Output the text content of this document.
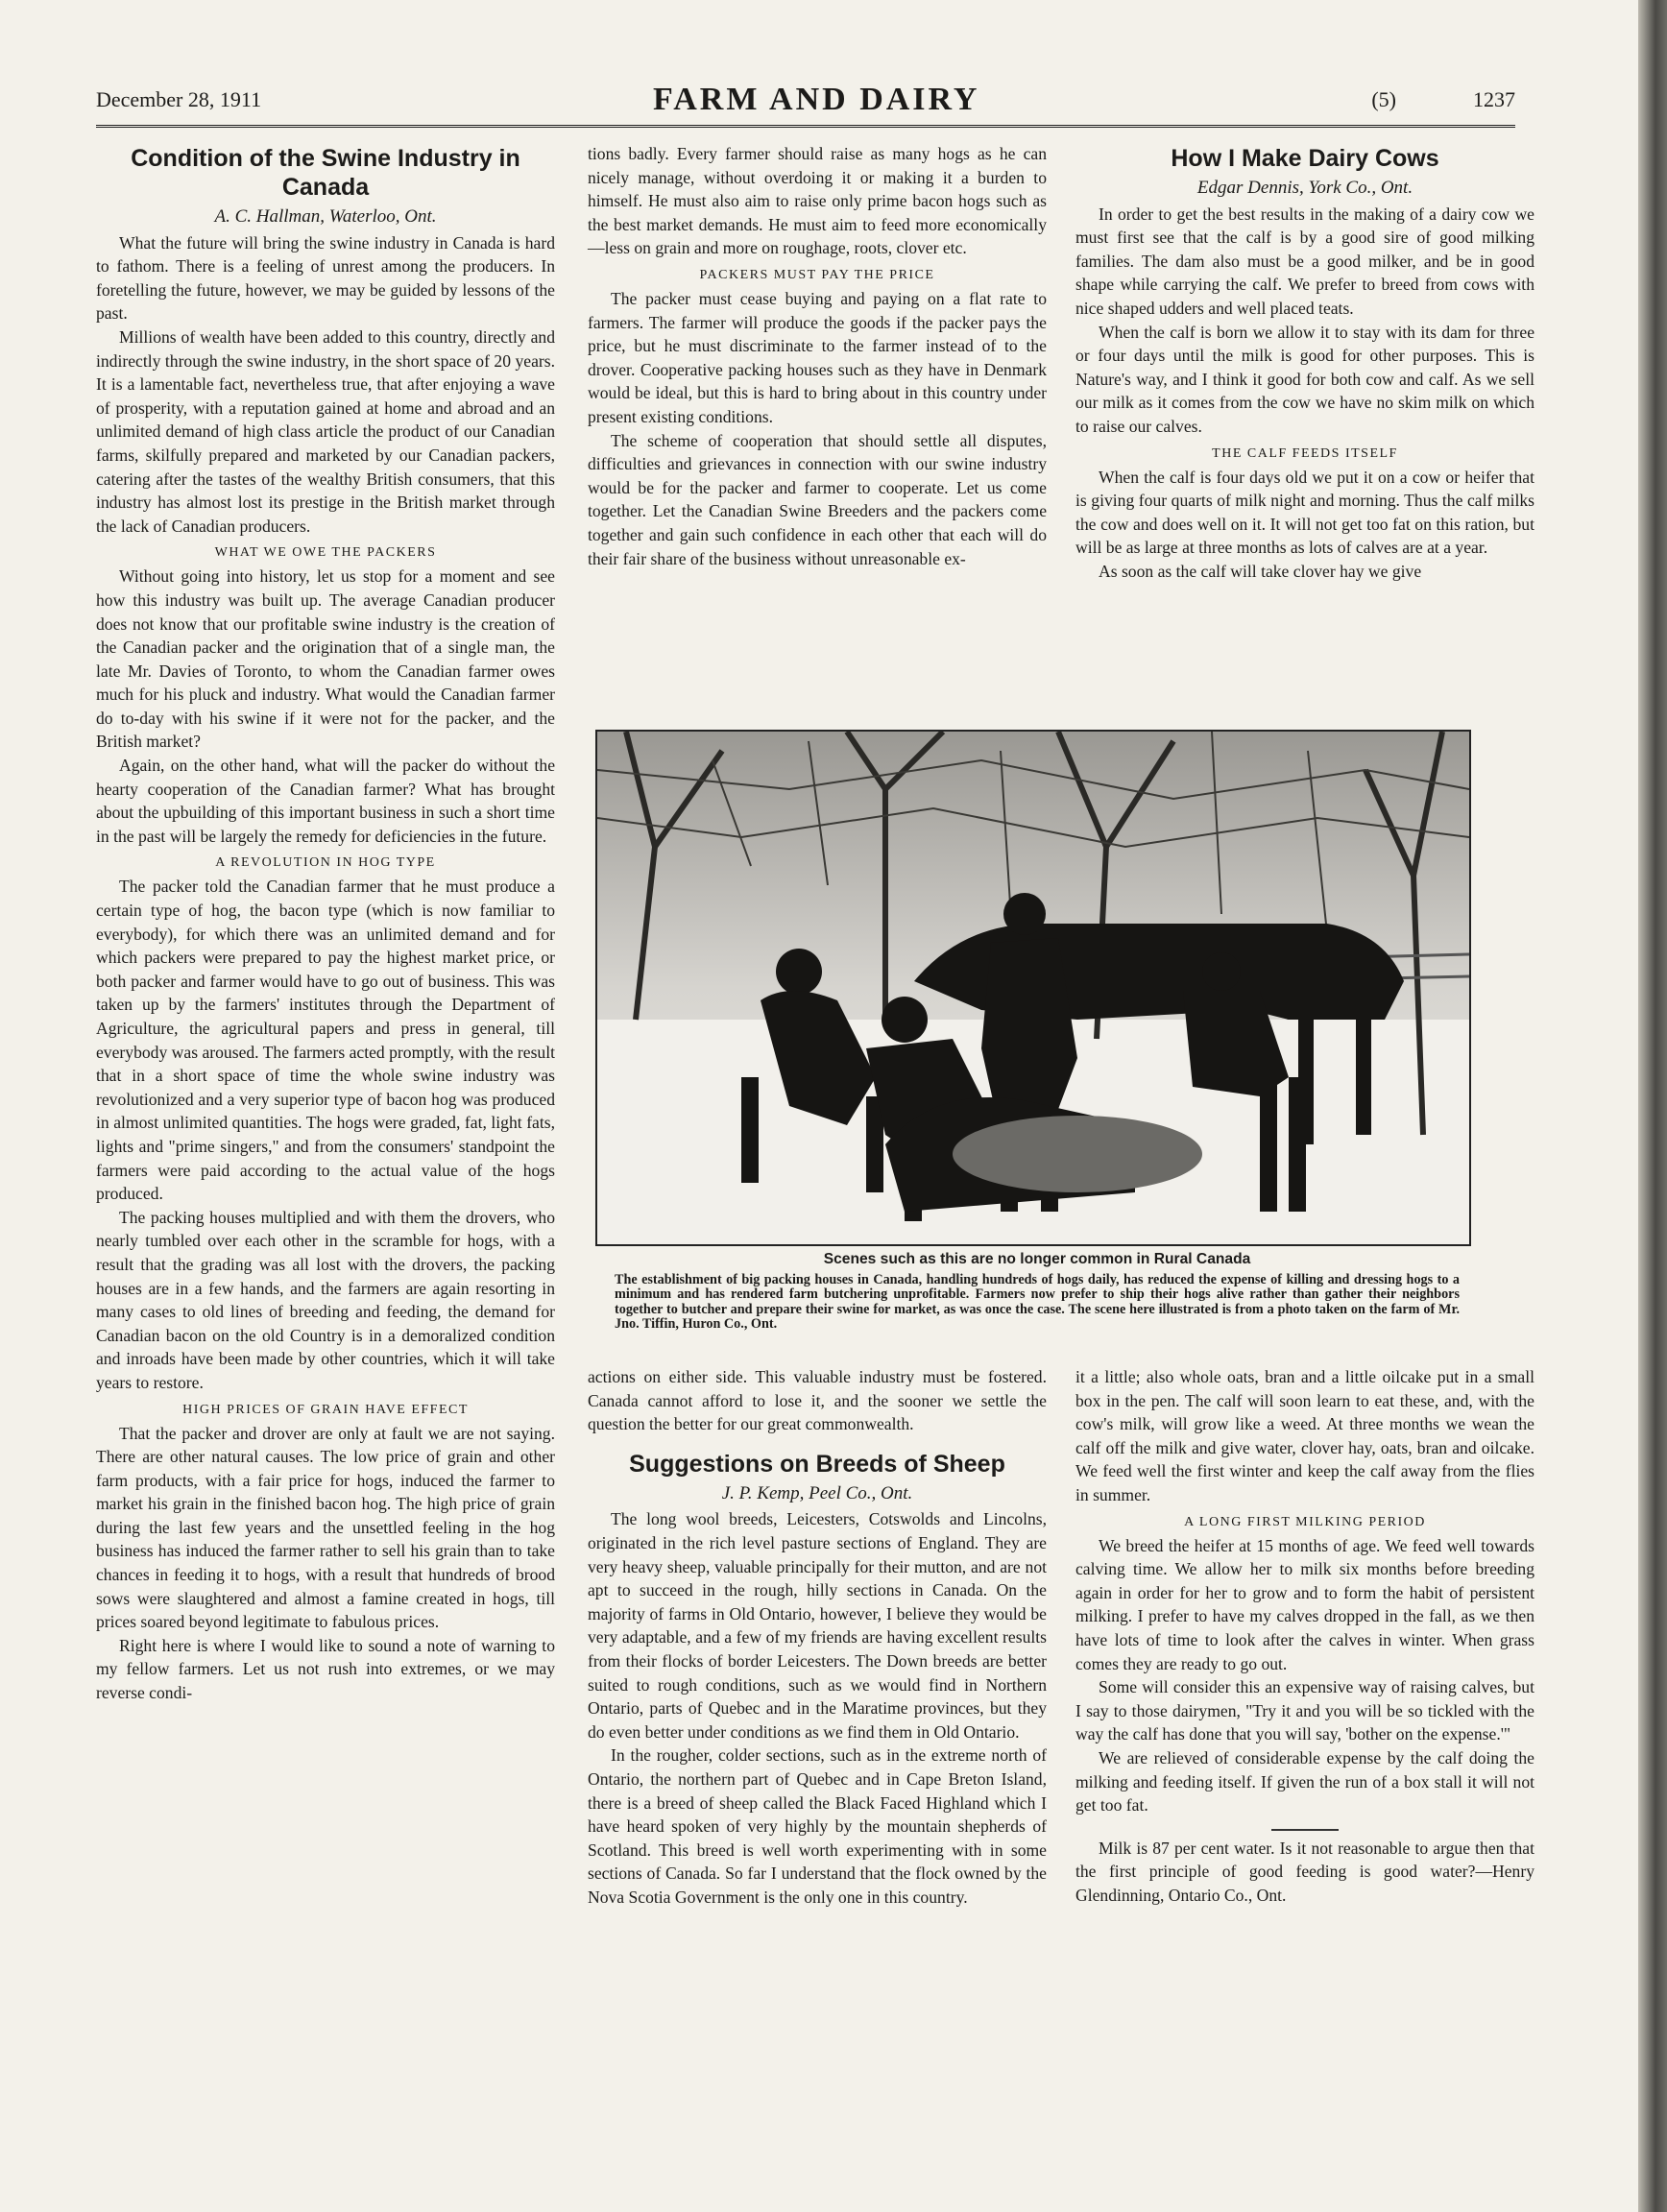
December 28, 1911	FARM AND DAIRY	(5)	1237
Condition of the Swine Industry in Canada
A. C. Hallman, Waterloo, Ont.

What the future will bring the swine industry in Canada is hard to fathom. There is a feeling of unrest among the producers. In foretelling the future, however, we may be guided by lessons of the past.

Millions of wealth have been added to this country, directly and indirectly through the swine industry, in the short space of 20 years. It is a lamentable fact, nevertheless true, that after enjoying a wave of prosperity, with a reputation gained at home and abroad and an unlimited demand of high class article the product of our Canadian farms, skilfully prepared and marketed by our Canadian packers, catering after the tastes of the wealthy British consumers, that this industry has almost lost its prestige in the British market through the lack of Canadian producers.

WHAT WE OWE THE PACKERS

Without going into history, let us stop for a moment and see how this industry was built up. The average Canadian producer does not know that our profitable swine industry is the creation of the Canadian packer and the origination that of a single man, the late Mr. Davies of Toronto, to whom the Canadian farmer owes much for his pluck and industry. What would the Canadian farmer do to-day with his swine if it were not for the packer, and the British market?

Again, on the other hand, what will the packer do without the hearty cooperation of the Canadian farmer? What has brought about the upbuilding of this important business in such a short time in the past will be largely the remedy for deficiencies in the future.

A REVOLUTION IN HOG TYPE

The packer told the Canadian farmer that he must produce a certain type of hog, the bacon type (which is now familiar to everybody), for which there was an unlimited demand and for which packers were prepared to pay the highest market price, or both packer and farmer would have to go out of business. This was taken up by the farmers' institutes through the Department of Agriculture, the agricultural papers and press in general, till everybody was aroused. The farmers acted promptly, with the result that in a short space of time the whole swine industry was revolutionized and a very superior type of bacon hog was produced in almost unlimited quantities. The hogs were graded, fat, light fats, lights and "prime singers," and from the consumers' standpoint the farmers were paid according to the actual value of the hogs produced.

The packing houses multiplied and with them the drovers, who nearly tumbled over each other in the scramble for hogs, with a result that the grading was all lost with the drovers, the packing houses are in a few hands, and the farmers are again resorting in many cases to old lines of breeding and feeding, the demand for Canadian bacon on the old Country is in a demoralized condition and inroads have been made by other countries, which it will take years to restore.

HIGH PRICES OF GRAIN HAVE EFFECT

That the packer and drover are only at fault we are not saying. There are other natural causes. The low price of grain and other farm products, with a fair price for hogs, induced the farmer to market his grain in the finished bacon hog. The high price of grain during the last few years and the unsettled feeling in the hog business has induced the farmer rather to sell his grain than to take chances in feeding it to hogs, with a result that hundreds of brood sows were slaughtered and almost a famine created in hogs, till prices soared beyond legitimate to fabulous prices.

Right here is where I would like to sound a note of warning to my fellow farmers. Let us not rush into extremes, or we may reverse condi-

tions badly. Every farmer should raise as many hogs as he can nicely manage, without overdoing it or making it a burden to himself. He must also aim to raise only prime bacon hogs such as the best market demands. He must aim to feed more economically—less on grain and more on roughage, roots, clover etc.

PACKERS MUST PAY THE PRICE

The packer must cease buying and paying on a flat rate to farmers. The farmer will produce the goods if the packer pays the price, but he must discriminate to the farmer instead of to the drover. Cooperative packing houses such as they have in Denmark would be ideal, but this is hard to bring about in this country under present existing conditions.

The scheme of cooperation that should settle all disputes, difficulties and grievances in connection with our swine industry would be for the packer and farmer to cooperate. Let us come together. Let the Canadian Swine Breeders and the packers come together and gain such confidence in each other that each will do their fair share of the business without unreasonable ex-

How I Make Dairy Cows
Edgar Dennis, York Co., Ont.

In order to get the best results in the making of a dairy cow we must first see that the calf is by a good sire of good milking families. The dam also must be a good milker, and be in good shape while carrying the calf. We prefer to breed from cows with nice shaped udders and well placed teats.

When the calf is born we allow it to stay with its dam for three or four days until the milk is good for other purposes. This is Nature's way, and I think it good for both cow and calf. As we sell our milk as it comes from the cow we have no skim milk on which to raise our calves.

THE CALF FEEDS ITSELF

When the calf is four days old we put it on a cow or heifer that is giving four quarts of milk night and morning. Thus the calf milks the cow and does well on it. It will not get too fat on this ration, but will be as large at three months as lots of calves are at a year.

As soon as the calf will take clover hay we give

Scenes such as this are no longer common in Rural Canada
The establishment of big packing houses in Canada, handling hundreds of hogs daily, has reduced the expense of killing and dressing hogs to a minimum and has rendered farm butchering unprofitable. Farmers now prefer to ship their hogs alive rather than gather their neighbors together to butcher and prepare their swine for market, as was once the case. The scene here illustrated is from a photo taken on the farm of Mr. Jno. Tiffin, Huron Co., Ont.

actions on either side. This valuable industry must be fostered. Canada cannot afford to lose it, and the sooner we settle the question the better for our great commonwealth.

Suggestions on Breeds of Sheep
J. P. Kemp, Peel Co., Ont.

The long wool breeds, Leicesters, Cotswolds and Lincolns, originated in the rich level pasture sections of England. They are very heavy sheep, valuable principally for their mutton, and are not apt to succeed in the rough, hilly sections in Canada. On the majority of farms in Old Ontario, however, I believe they would be very adaptable, and a few of my friends are having excellent results from their flocks of border Leicesters. The Down breeds are better suited to rough conditions, such as we would find in Northern Ontario, parts of Quebec and in the Maratime provinces, but they do even better under conditions as we find them in Old Ontario.

In the rougher, colder sections, such as in the extreme north of Ontario, the northern part of Quebec and in Cape Breton Island, there is a breed of sheep called the Black Faced Highland which I have heard spoken of very highly by the mountain shepherds of Scotland. This breed is well worth experimenting with in some sections of Canada. So far I understand that the flock owned by the Nova Scotia Government is the only one in this country.

it a little; also whole oats, bran and a little oilcake put in a small box in the pen. The calf will soon learn to eat these, and, with the cow's milk, will grow like a weed. At three months we wean the calf off the milk and give water, clover hay, oats, bran and oilcake. We feed well the first winter and keep the calf away from the flies in summer.

A LONG FIRST MILKING PERIOD

We breed the heifer at 15 months of age. We feed well towards calving time. We allow her to milk six months before breeding again in order for her to grow and to form the habit of persistent milking. I prefer to have my calves dropped in the fall, as we then have lots of time to look after the calves in winter. When grass comes they are ready to go out.

Some will consider this an expensive way of raising calves, but I say to those dairymen, "Try it and you will be so tickled with the way the calf has done that you will say, 'bother on the expense.'"

We are relieved of considerable expense by the calf doing the milking and feeding itself. If given the run of a box stall it will not get too fat.

Milk is 87 per cent water. Is it not reasonable to argue then that the first principle of good feeding is good water?—Henry Glendinning, Ontario Co., Ont.
